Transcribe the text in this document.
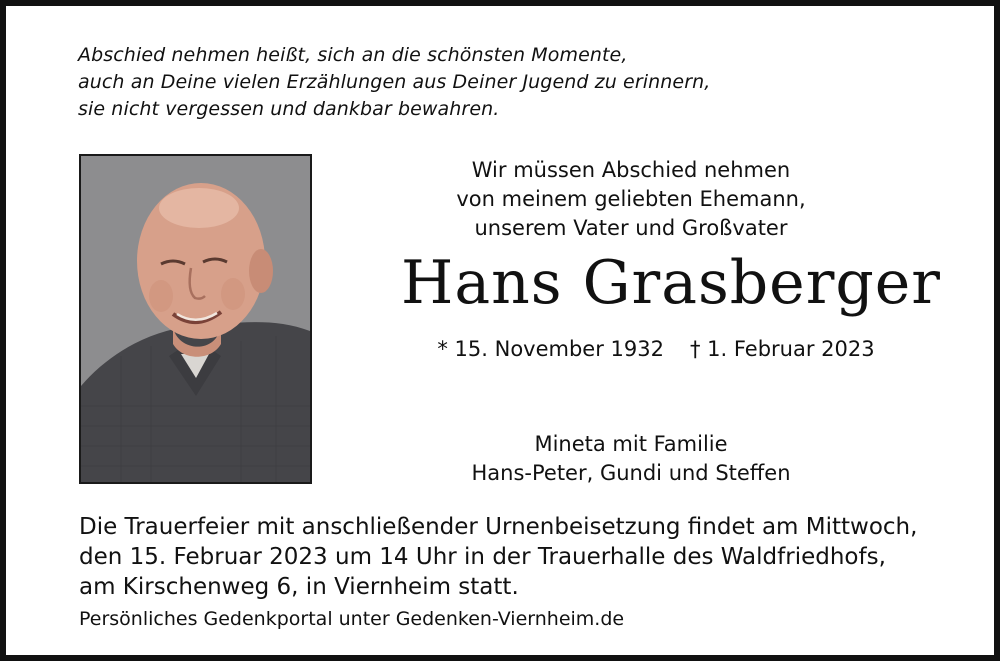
Abschied nehmen heißt, sich an die schönsten Momente,
auch an Deine vielen Erzählungen aus Deiner Jugend zu erinnern,
sie nicht vergessen und dankbar bewahren.
Wir müssen Abschied nehmen
von meinem geliebten Ehemann,
unserem Vater und Großvater
Hans Grasberger
* 15. November 1932 † 1. Februar 2023
Mineta mit Familie
Hans-Peter, Gundi und Steffen
Die Trauerfeier mit anschließender Urnenbeisetzung findet am Mittwoch,
den 15. Februar 2023 um 14 Uhr in der Trauerhalle des Waldfriedhofs,
am Kirschenweg 6, in Viernheim statt.
Persönliches Gedenkportal unter Gedenken-Viernheim.de
